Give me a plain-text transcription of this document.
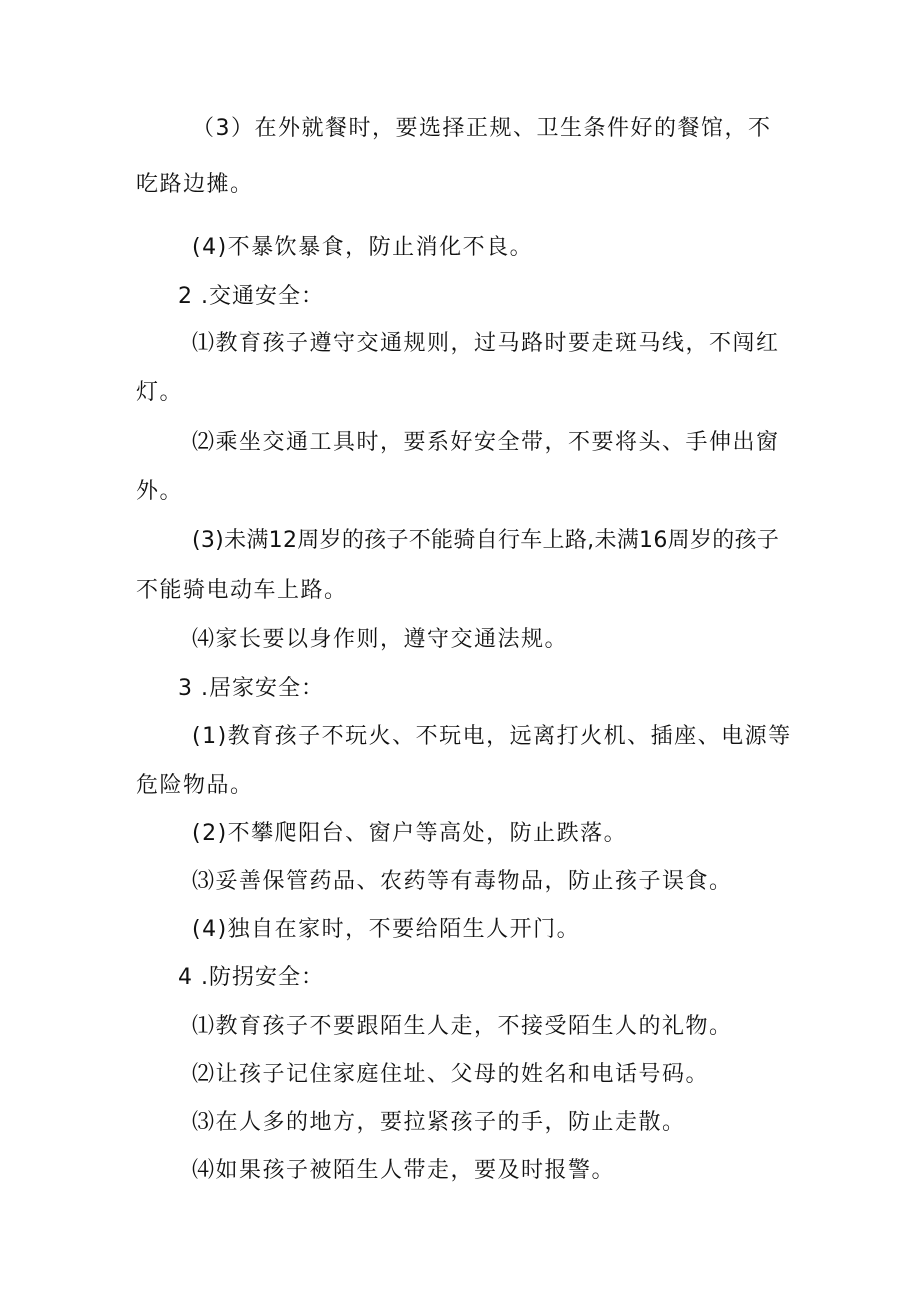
（3）在外就餐时，要选择正规、卫生条件好的餐馆，不
吃路边摊。
(4)不暴饮暴食，防止消化不良。
2 .交通安全：
⑴教育孩子遵守交通规则，过马路时要走斑马线，不闯红
灯。
⑵乘坐交通工具时，要系好安全带，不要将头、手伸出窗
外。
(3)未满12周岁的孩子不能骑自行车上路,未满16周岁的孩子
不能骑电动车上路。
⑷家长要以身作则，遵守交通法规。
3 .居家安全：
(1)教育孩子不玩火、不玩电，远离打火机、插座、电源等
危险物品。
(2)不攀爬阳台、窗户等高处，防止跌落。
⑶妥善保管药品、农药等有毒物品，防止孩子误食。
(4)独自在家时，不要给陌生人开门。
4 .防拐安全：
⑴教育孩子不要跟陌生人走，不接受陌生人的礼物。
⑵让孩子记住家庭住址、父母的姓名和电话号码。
⑶在人多的地方，要拉紧孩子的手，防止走散。
⑷如果孩子被陌生人带走，要及时报警。
